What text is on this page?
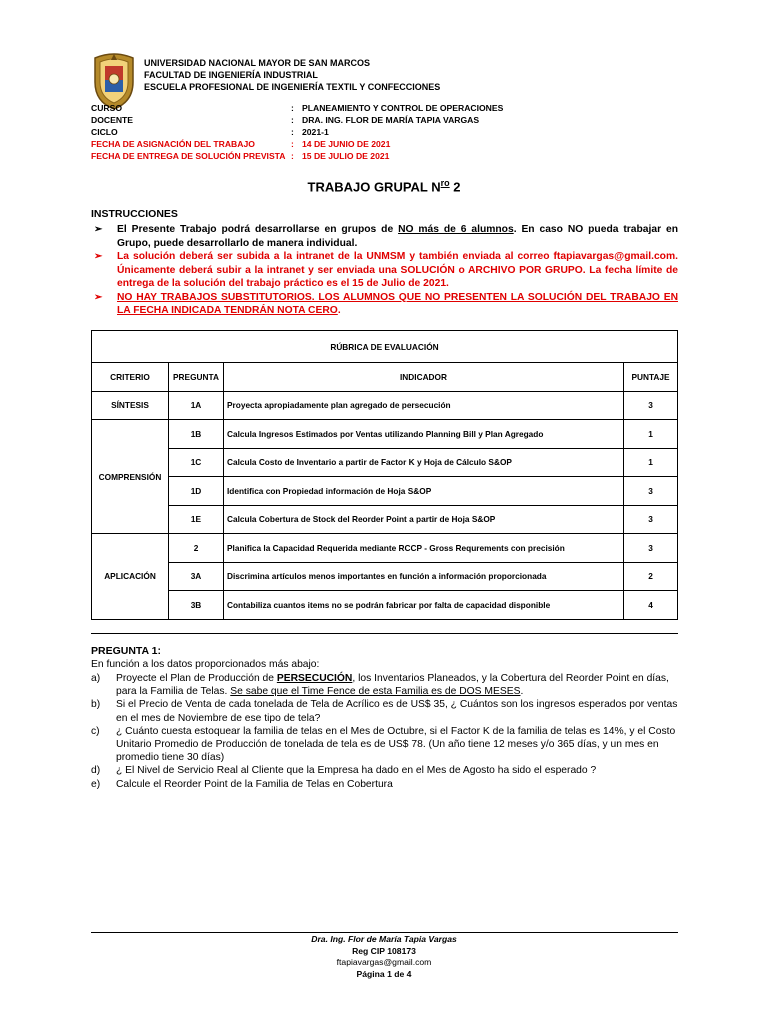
UNIVERSIDAD NACIONAL MAYOR DE SAN MARCOS
FACULTAD DE INGENIERÍA INDUSTRIAL
ESCUELA PROFESIONAL DE INGENIERÍA TEXTIL Y CONFECCIONES
CURSO	: PLANEAMIENTO Y CONTROL DE OPERACIONES
DOCENTE	: DRA. ING. FLOR DE MARÍA TAPIA VARGAS
CICLO	: 2021-1
FECHA DE ASIGNACIÓN DEL TRABAJO	: 14 DE JUNIO DE 2021
FECHA DE ENTREGA DE SOLUCIÓN PREVISTA : 15 DE JULIO DE 2021
TRABAJO GRUPAL $N^{ro}$ 2
INSTRUCCIONES
➢ El Presente Trabajo podrá desarrollarse en grupos de NO más de 6 alumnos. En caso NO pueda trabajar en Grupo, puede desarrollarlo de manera individual.
➢ La solución deberá ser subida a la intranet de la UNMSM y también enviada al correo ftapiavargas@gmail.com. Únicamente deberá subir a la intranet y ser enviada una SOLUCIÓN o ARCHIVO POR GRUPO. La fecha límite de entrega de la solución del trabajo práctico es el 15 de Julio de 2021.
➢ NO HAY TRABAJOS SUBSTITUTORIOS. LOS ALUMNOS QUE NO PRESENTEN LA SOLUCIÓN DEL TRABAJO EN LA FECHA INDICADA TENDRÁN NOTA CERO.
RÚBRICA DE EVALUACIÓN			
CRITERIO	PREGUNTA	INDICADOR	PUNTAJE
SÍNTESIS	1A	Proyecta apropiadamente plan agregado de persecución	3
COMPRENSIÓN	1B	Calcula Ingresos Estimados por Ventas utilizando Planning Bill y Plan Agregado	1
	1C	Calcula Costo de Inventario a partir de Factor K y Hoja de Cálculo S&OP	1
	1D	Identifica con Propiedad información de Hoja S&OP	3
	1E	Calcula Cobertura de Stock del Reorder Point a partir de Hoja S&OP	3
APLICACIÓN	2	Planifica la Capacidad Requerida mediante RCCP - Gross Requrements con precisión	3
	3A	Discrimina artículos menos importantes en función a información proporcionada	2
	3B	Contabiliza cuantos items no se podrán fabricar por falta de capacidad disponible	4
PREGUNTA 1:
En función a los datos proporcionados más abajo:
a) Proyecte el Plan de Producción de PERSECUCIÓN, los Inventarios Planeados, y la Cobertura del Reorder Point en días, para la Familia de Telas. Se sabe que el Time Fence de esta Familia es de DOS MESES.
b) Si el Precio de Venta de cada tonelada de Tela de Acrílico es de US$ 35, ¿ Cuántos son los ingresos esperados por ventas en el mes de Noviembre de ese tipo de tela?
c) ¿ Cuánto cuesta estoquear la familia de telas en el Mes de Octubre, si el Factor K de la familia de telas es 14%, y el Costo Unitario Promedio de Producción de tonelada de tela es de US$ 78. (Un año tiene 12 meses y/o 365 días, y un mes en promedio tiene 30 días)
d) ¿ El Nivel de Servicio Real al Cliente que la Empresa ha dado en el Mes de Agosto ha sido el esperado ?
e) Calcule el Reorder Point de la Familia de Telas en Cobertura
Dra. Ing. Flor de María Tapia Vargas
Reg CIP 108173
ftapiavargas@gmail.com
Página 1 de 4
